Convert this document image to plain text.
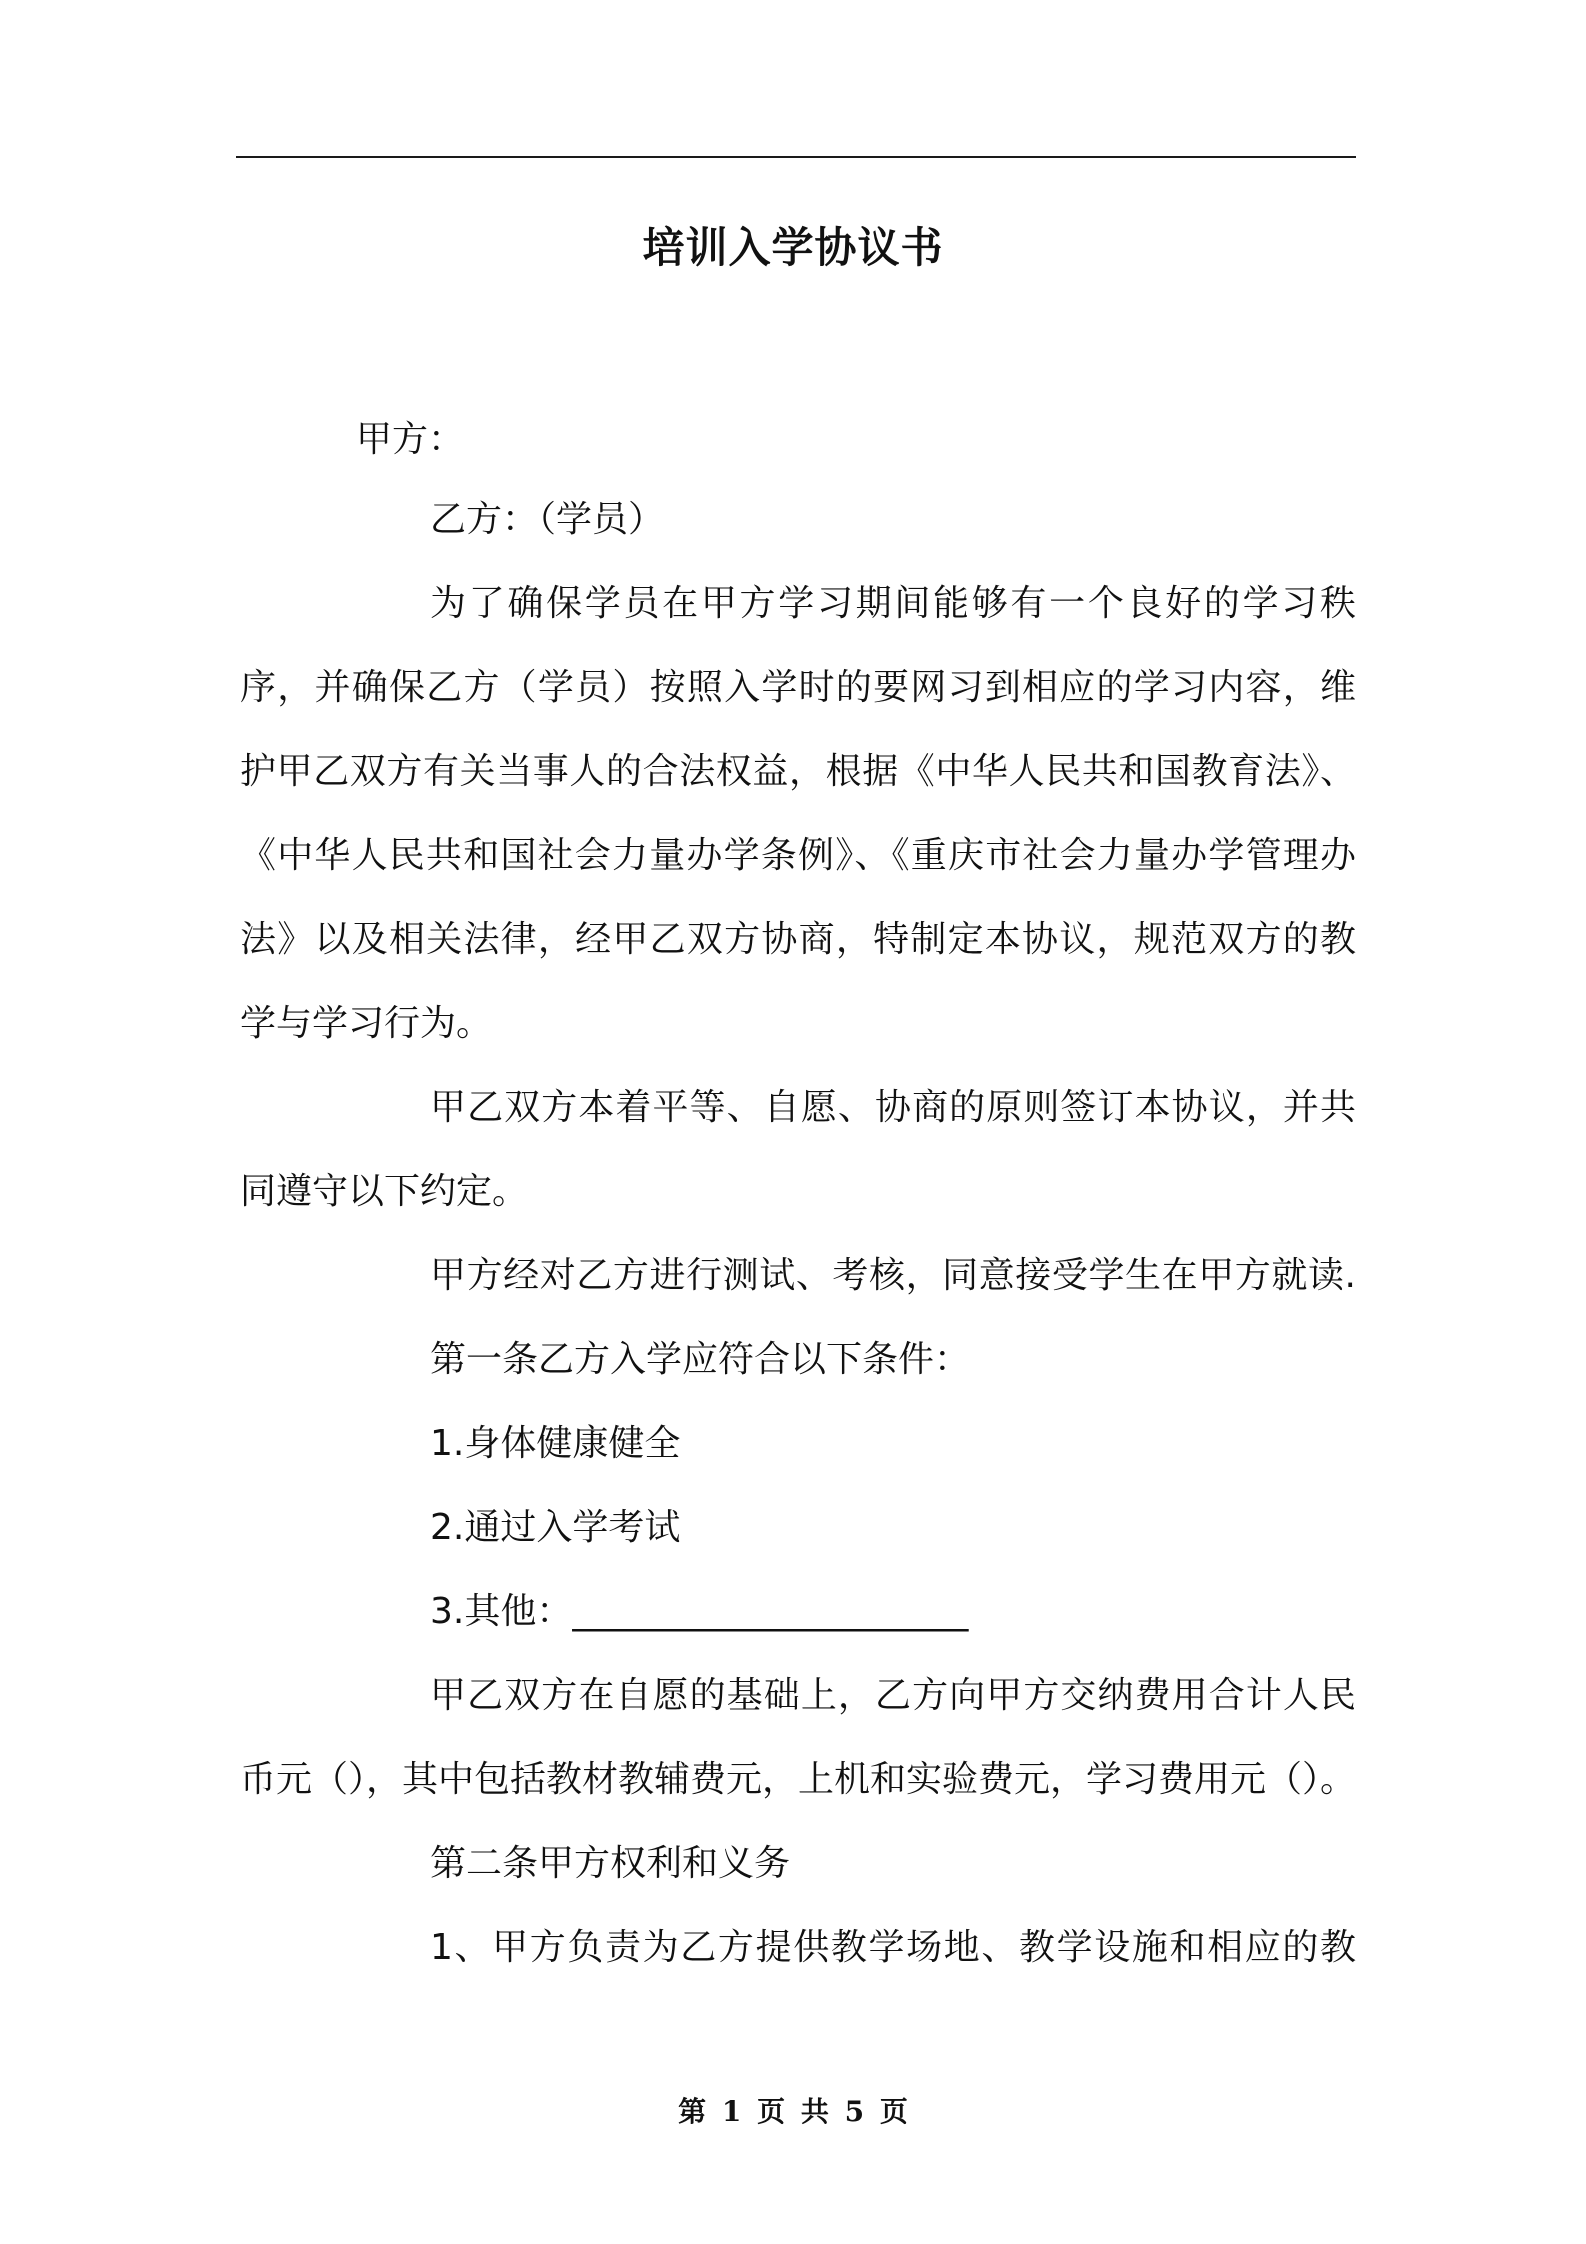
培训入学协议书
甲方：
乙方：（学员）
为了确保学员在甲方学习期间能够有一个良好的学习秩
序，并确保乙方（学员）按照入学时的要网习到相应的学习内容，维
护甲乙双方有关当事人的合法权益，根据《中华人民共和国教育法》、
《中华人民共和国社会力量办学条例》、《重庆市社会力量办学管理办
法》以及相关法律，经甲乙双方协商，特制定本协议，规范双方的教
学与学习行为。
甲乙双方本着平等、自愿、协商的原则签订本协议，并共
同遵守以下约定。
甲方经对乙方进行测试、考核，同意接受学生在甲方就读.
第一条乙方入学应符合以下条件：
1.身体健康健全
2.通过入学考试
3.其他：______________________
甲乙双方在自愿的基础上，乙方向甲方交纳费用合计人民
币元（），其中包括教材教辅费元，上机和实验费元，学习费用元（）。
第二条甲方权利和义务
1、甲方负责为乙方提供教学场地、教学设施和相应的教
第 1 页 共 5 页
